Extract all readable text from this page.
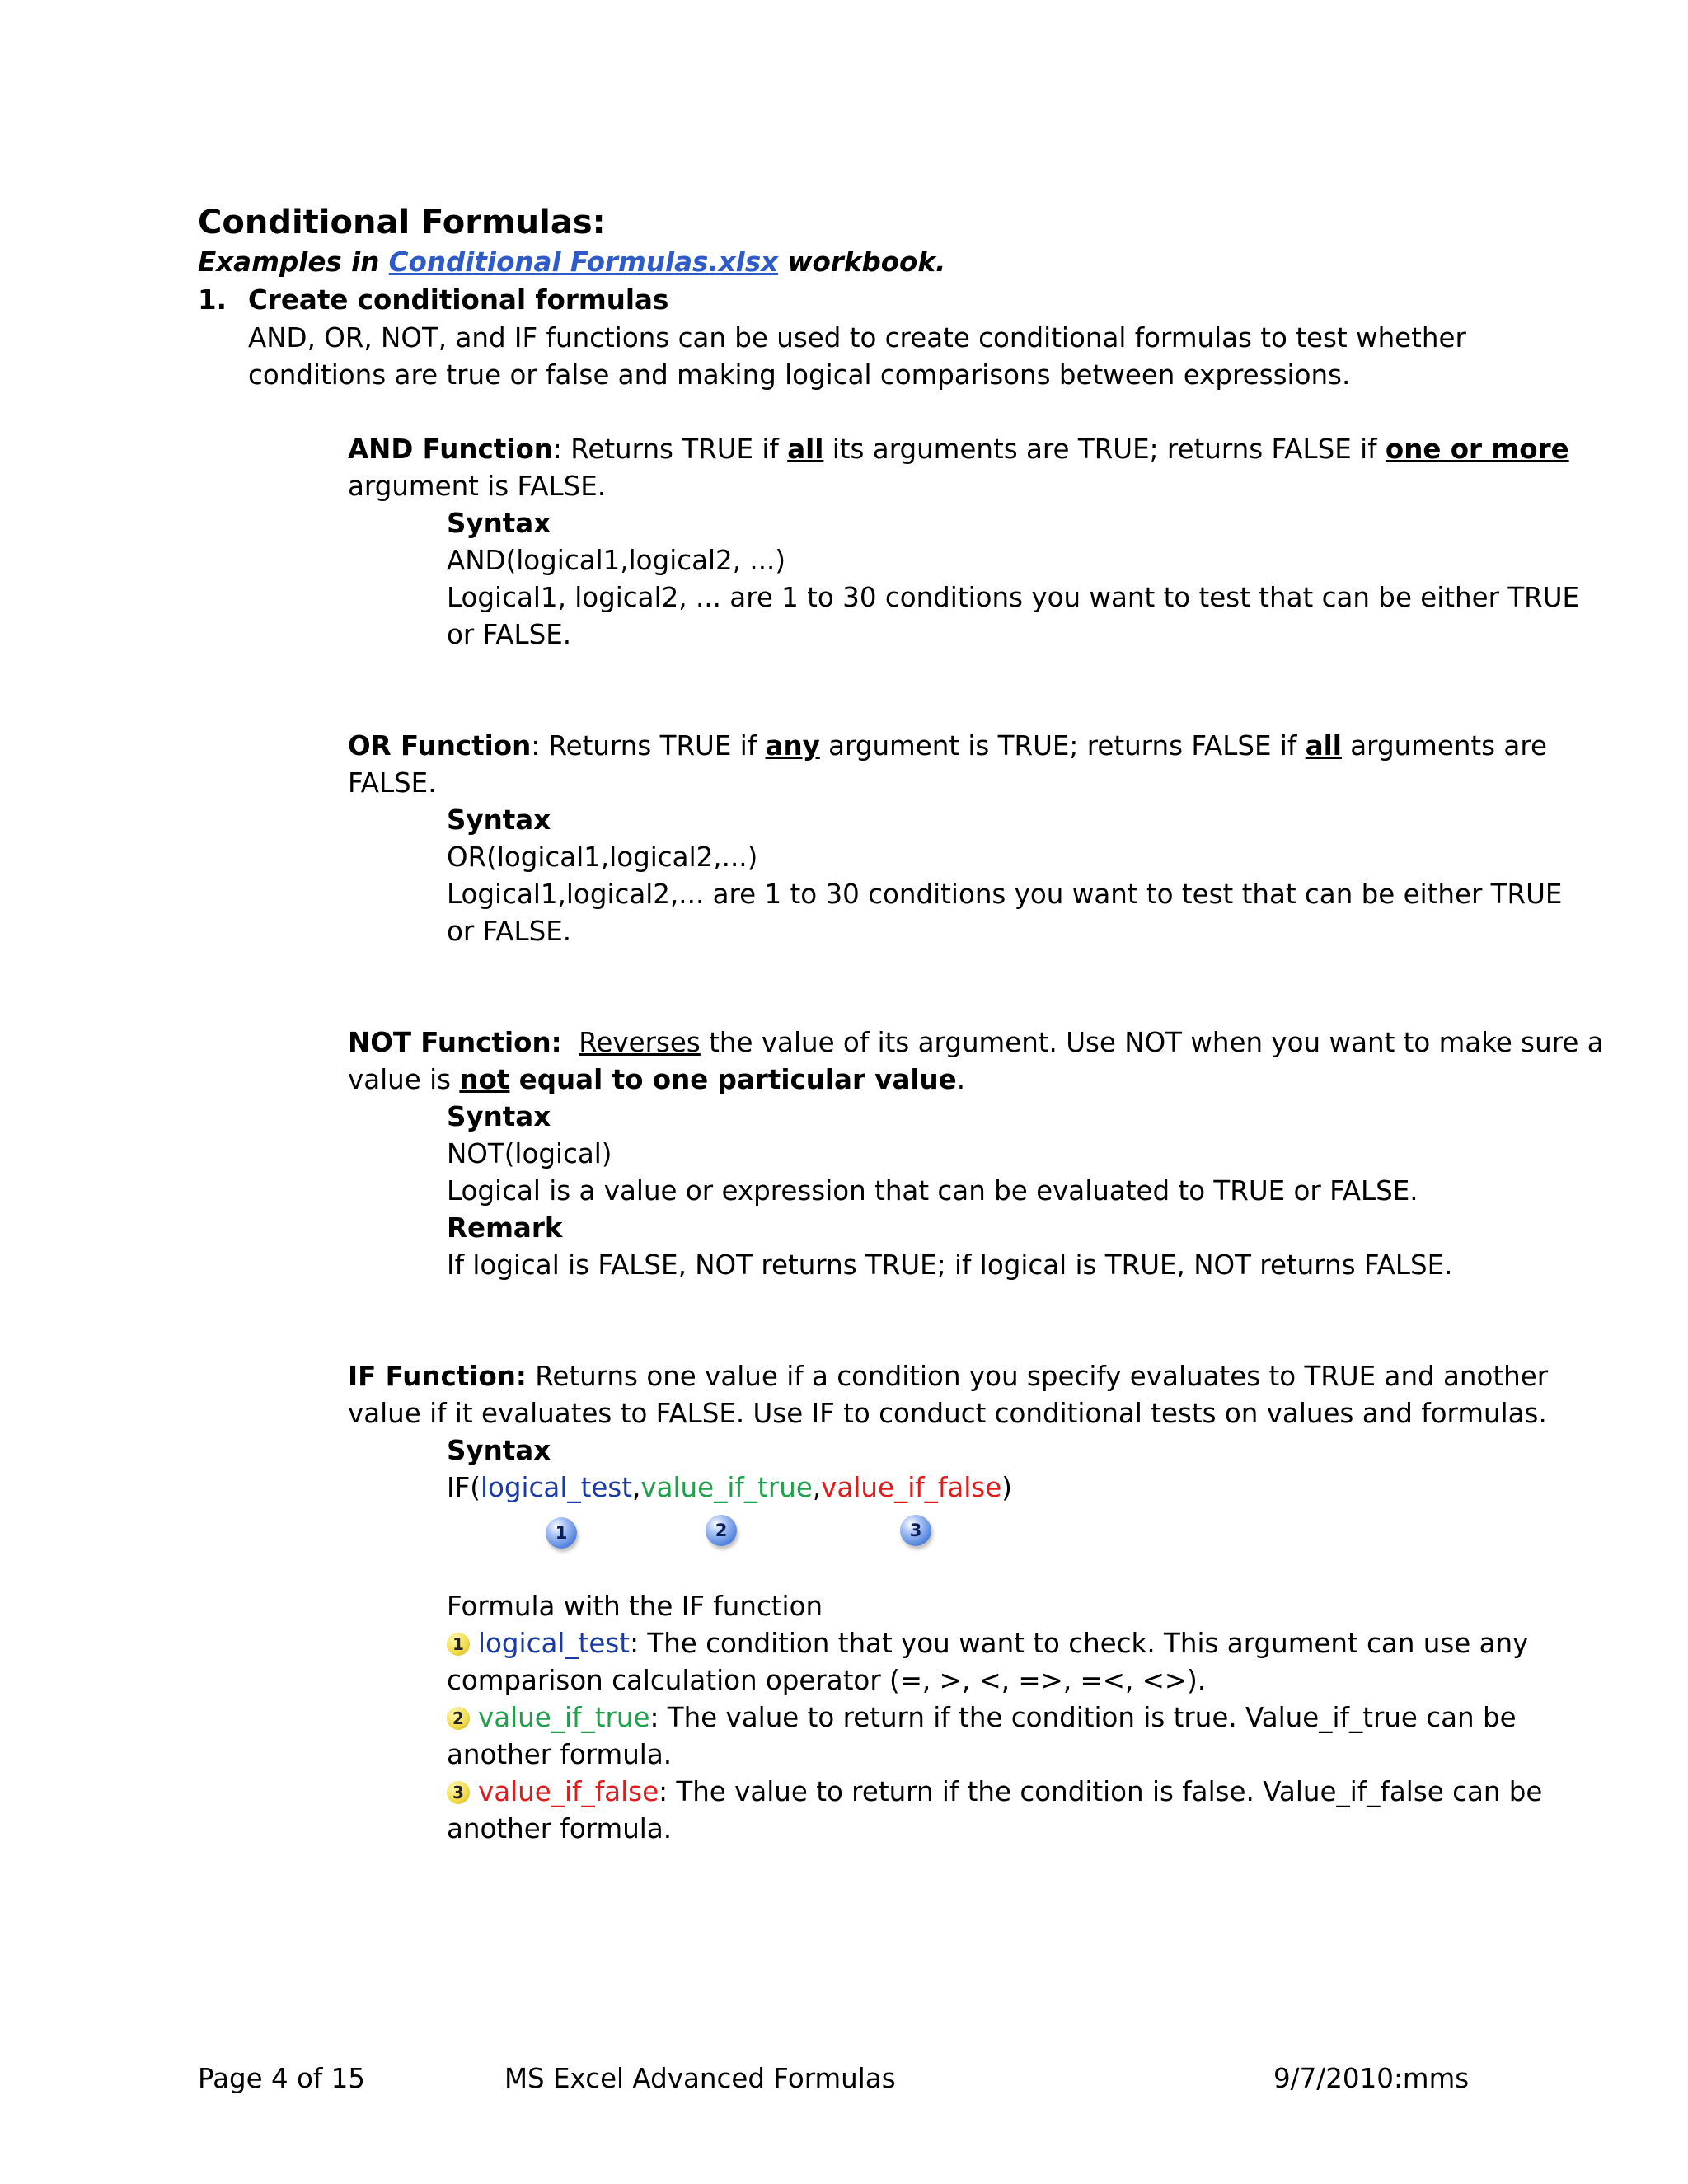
Conditional Formulas:
Examples in Conditional Formulas.xlsx workbook.
1. Create conditional formulas
AND, OR, NOT, and IF functions can be used to create conditional formulas to test whether
conditions are true or false and making logical comparisons between expressions.
AND Function: Returns TRUE if all its arguments are TRUE; returns FALSE if one or more
argument is FALSE.
Syntax
AND(logical1,logical2, ...)
Logical1, logical2, ... are 1 to 30 conditions you want to test that can be either TRUE
or FALSE.
OR Function: Returns TRUE if any argument is TRUE; returns FALSE if all arguments are
FALSE.
Syntax
OR(logical1,logical2,...)
Logical1,logical2,... are 1 to 30 conditions you want to test that can be either TRUE
or FALSE.
NOT Function: Reverses the value of its argument. Use NOT when you want to make sure a
value is not equal to one particular value.
Syntax
NOT(logical)
Logical is a value or expression that can be evaluated to TRUE or FALSE.
Remark
If logical is FALSE, NOT returns TRUE; if logical is TRUE, NOT returns FALSE.
IF Function: Returns one value if a condition you specify evaluates to TRUE and another
value if it evaluates to FALSE. Use IF to conduct conditional tests on values and formulas.
Syntax
IF(logical_test,value_if_true,value_if_false)
1	2	3
Formula with the IF function
1 logical_test: The condition that you want to check. This argument can use any
comparison calculation operator (=, >, <, =>, =<, <>).
2 value_if_true: The value to return if the condition is true. Value_if_true can be
another formula.
3 value_if_false: The value to return if the condition is false. Value_if_false can be
another formula.
Page 4 of 15	MS Excel Advanced Formulas	9/7/2010:mms
